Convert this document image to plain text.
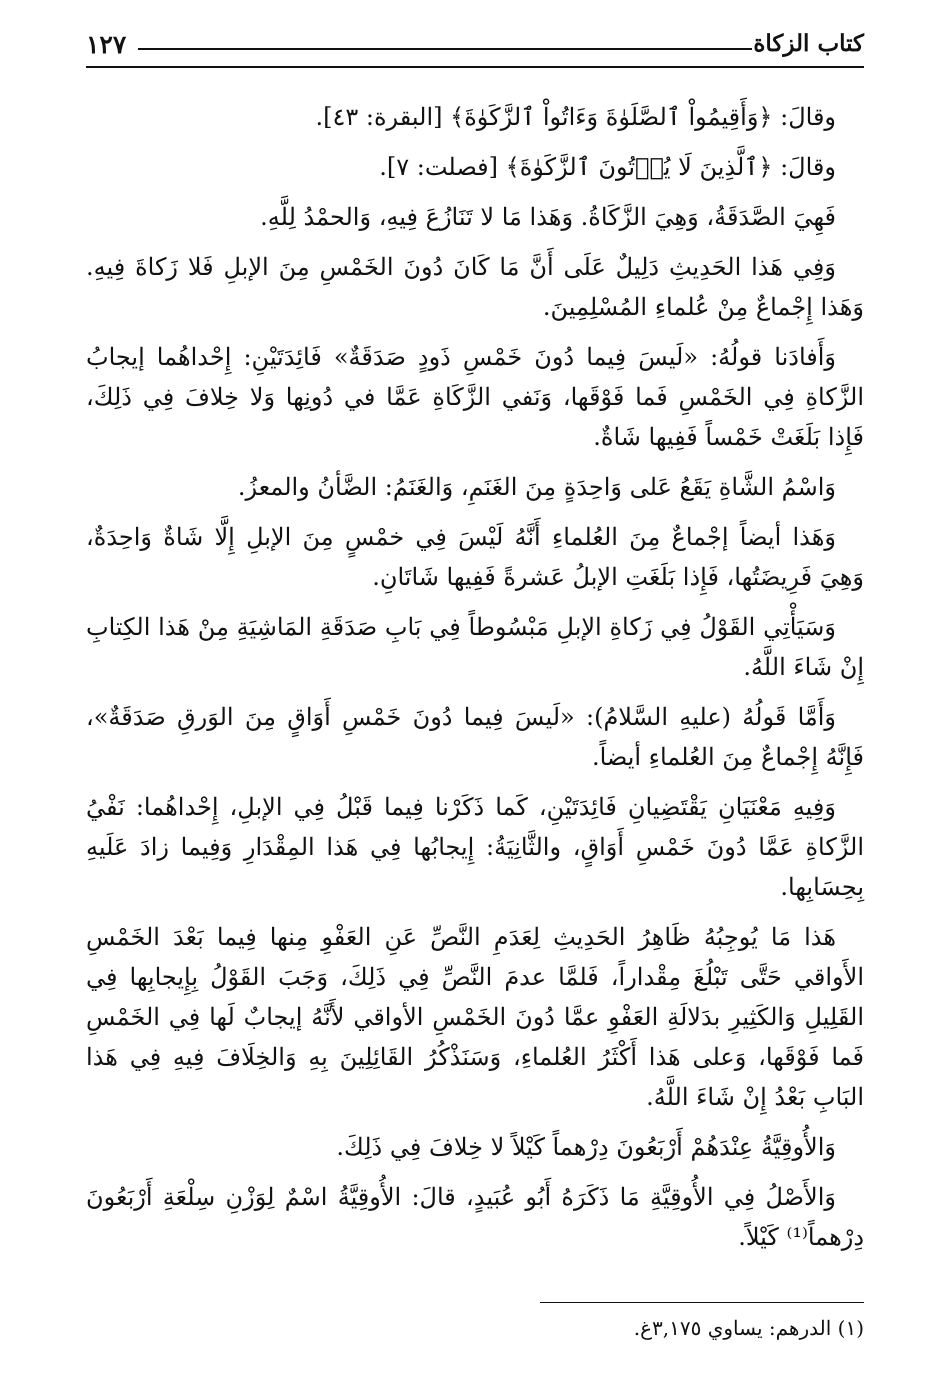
كتاب الزكاة
١٢٧

وقالَ: ﴿وَأَقِيمُواْ ٱلصَّلَوٰةَ وَءَاتُواْ ٱلزَّكَوٰةَ﴾ [البقرة: ٤٣].

وقالَ: ﴿ٱلَّذِينَ لَا يُؤۡتُونَ ٱلزَّكَوٰةَ﴾ [فصلت: ٧].

فَهِيَ الصَّدَقَةُ، وَهِيَ الزَّكَاةُ. وَهَذا مَا لا تَنَازُعَ فِيهِ، وَالحمْدُ لِلَّهِ.

وَفِي هَذا الحَدِيثِ دَلِيلٌ عَلَى أَنَّ مَا كَانَ دُونَ الخَمْسِ مِنَ الإبلِ فَلا زَكاةَ فِيهِ. وَهَذا إِجْماعٌ مِنْ عُلماءِ المُسْلِمِينَ.

وَأَفادَنا قولُهُ: «لَيسَ فِيما دُونَ خَمْسِ ذَودٍ صَدَقَةٌ» فَائِدَتَيْنِ: إِحْداهُما إيجابُ الزَّكاةِ فِي الخَمْسِ فَما فَوْقَها، وَنَفي الزَّكَاةِ عَمَّا في دُونِها وَلا خِلافَ فِي ذَلِكَ، فَإِذا بَلَغَتْ خَمْساً فَفِيها شَاةٌ.

وَاسْمُ الشَّاةِ يَقَعُ عَلى وَاحِدَةٍ مِنَ الغَنَمِ، وَالغَنَمُ: الضَّأنُ والمعزُ.

وَهَذا أيضاً إجْماعٌ مِنَ العُلماءِ أَنَّهُ لَيْسَ فِي خمْسٍ مِنَ الإبلِ إِلَّا شَاةٌ وَاحِدَةٌ، وَهِيَ فَرِيضَتُها، فَإِذا بَلَغَتِ الإبلُ عَشرةً فَفِيها شَاتَانِ.

وَسَيَأْتِي القَوْلُ فِي زَكاةِ الإبلِ مَبْسُوطاً فِي بَابِ صَدَقَةِ المَاشِيَةِ مِنْ هَذا الكِتابِ إِنْ شَاءَ اللَّهُ.

وَأَمَّا قَولُهُ (عليهِ السَّلامُ): «لَيسَ فِيما دُونَ خَمْسِ أَوَاقٍ مِنَ الوَرقِ صَدَقَةٌ»، فَإِنَّهُ إِجْماعٌ مِنَ العُلماءِ أيضاً.

وَفِيهِ مَعْنَيَانِ يَقْتَضِيانِ فَائِدَتَيْنِ، كَما ذَكَرْنا فِيما قَبْلُ فِي الإبلِ، إِحْداهُما: نَفْيُ الزَّكاةِ عَمَّا دُونَ خَمْسِ أَوَاقٍ، والثَّانِيَةُ: إِيجابُها فِي هَذا المِقْدَارِ وَفِيما زادَ عَلَيهِ بِحِسَابِها.

هَذا مَا يُوجِبُهُ ظَاهِرُ الحَدِيثِ لِعَدَمِ النَّصِّ عَنِ العَفْوِ مِنها فِيما بَعْدَ الخَمْسِ الأَواقي حَتَّى تَبْلُغَ مِقْداراً، فَلمَّا عدمَ النَّصِّ فِي ذَلِكَ، وَجَبَ القَوْلُ بِإِيجابِها فِي القَلِيلِ وَالكَثِيرِ بدَلالَةِ العَفْوِ عمَّا دُونَ الخَمْسِ الأواقي لأَنَّهُ إيجابٌ لَها فِي الخَمْسِ فَما فَوْقَها، وَعلى هَذا أَكْثَرُ العُلماءِ، وَسَنَذْكُرُ القَائِلِينَ بِهِ وَالخِلَافَ فِيهِ فِي هَذا البَابِ بَعْدُ إِنْ شَاءَ اللَّهُ.

وَالأُوقِيَّةُ عِنْدَهُمْ أَرْبَعُونَ دِرْهماً كَيْلاً لا خِلافَ فِي ذَلِكَ.

وَالأَصْلُ فِي الأُوقِيَّةِ مَا ذَكَرَهُ أَبُو عُبَيدٍ، قالَ: الأُوقِيَّةُ اسْمٌ لِوَزْنِ سِلْعَةِ أَرْبَعُونَ دِرْهماً⁽¹⁾ كَيْلاً.

(١) الدرهم: يساوي ٣,١٧٥غ.
